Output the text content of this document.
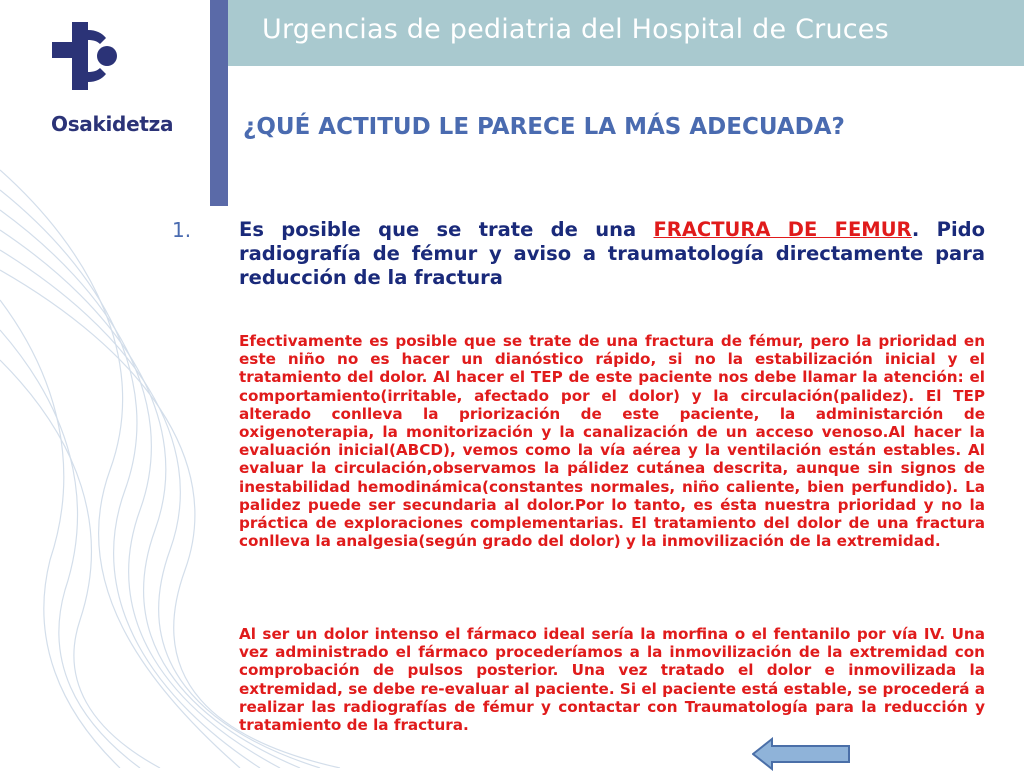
Urgencias de pediatria del Hospital de Cruces
Osakidetza	¿QUÉ ACTITUD LE PARECE LA MÁS ADECUADA?
1. Es posible que se trate de una FRACTURA DE FEMUR. Pido radiografía de fémur y aviso a traumatología directamente para reducción de la fractura

Efectivamente es posible que se trate de una fractura de fémur, pero la prioridad en este niño no es hacer un dianóstico rápido, si no la estabilización inicial y el tratamiento del dolor. Al hacer el TEP de este paciente nos debe llamar la atención: el comportamiento(irritable, afectado por el dolor) y la circulación(palidez). El TEP alterado conlleva la priorización de este paciente, la administarción de oxigenoterapia, la monitorización y la canalización de un acceso venoso.Al hacer la evaluación inicial(ABCD), vemos como la vía aérea y la ventilación están estables. Al evaluar la circulación,observamos la pálidez cutánea descrita, aunque sin signos de inestabilidad hemodinámica(constantes normales, niño caliente, bien perfundido). La palidez puede ser secundaria al dolor.Por lo tanto, es ésta nuestra prioridad y no la práctica de exploraciones complementarias. El tratamiento del dolor de una fractura conlleva la analgesia(según grado del dolor) y la inmovilización de la extremidad.

Al ser un dolor intenso el fármaco ideal sería la morfina o el fentanilo por vía IV. Una vez administrado el fármaco procederíamos a la inmovilización de la extremidad con comprobación de pulsos posterior. Una vez tratado el dolor e inmovilizada la extremidad, se debe re-evaluar al paciente. Si el paciente está estable, se procederá a realizar las radiografías de fémur y contactar con Traumatología para la reducción y tratamiento de la fractura.
